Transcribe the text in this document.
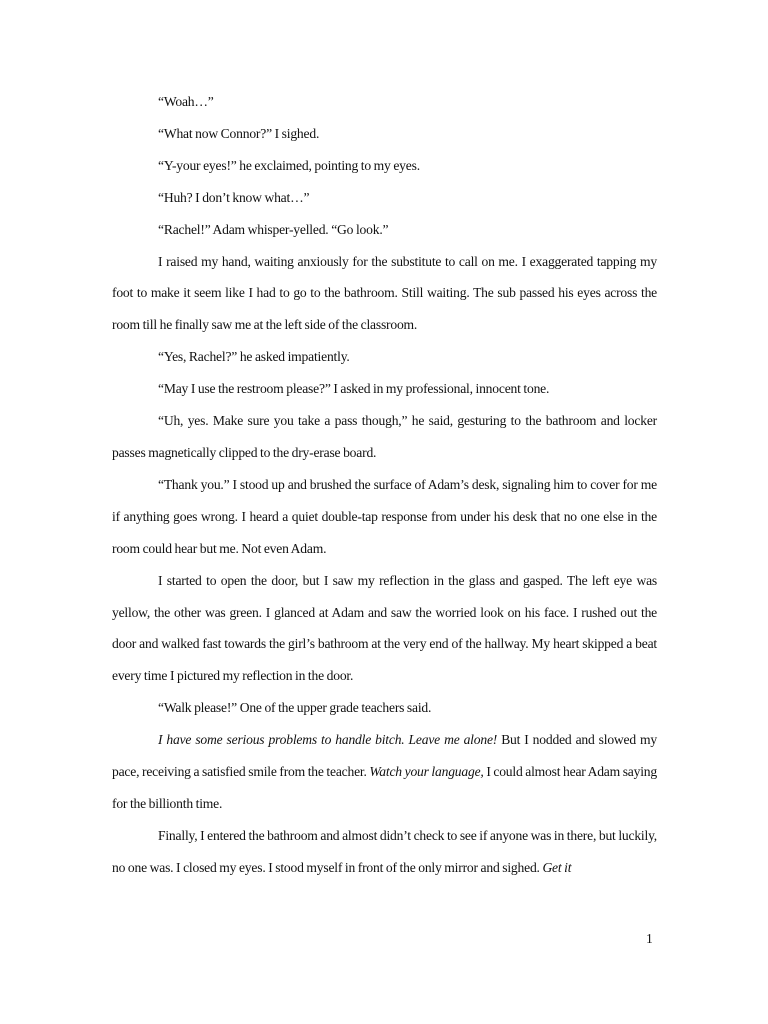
“Woah…”

“What now Connor?” I sighed.

“Y-your eyes!” he exclaimed, pointing to my eyes.

“Huh? I don’t know what…”

“Rachel!” Adam whisper-yelled. “Go look.”

I raised my hand, waiting anxiously for the substitute to call on me. I exaggerated tapping my foot to make it seem like I had to go to the bathroom. Still waiting. The sub passed his eyes across the room till he finally saw me at the left side of the classroom.

“Yes, Rachel?” he asked impatiently.

“May I use the restroom please?” I asked in my professional, innocent tone.

“Uh, yes. Make sure you take a pass though,” he said, gesturing to the bathroom and locker passes magnetically clipped to the dry-erase board.

“Thank you.” I stood up and brushed the surface of Adam’s desk, signaling him to cover for me if anything goes wrong. I heard a quiet double-tap response from under his desk that no one else in the room could hear but me. Not even Adam.

I started to open the door, but I saw my reflection in the glass and gasped. The left eye was yellow, the other was green. I glanced at Adam and saw the worried look on his face. I rushed out the door and walked fast towards the girl’s bathroom at the very end of the hallway. My heart skipped a beat every time I pictured my reflection in the door.

“Walk please!” One of the upper grade teachers said.

I have some serious problems to handle bitch. Leave me alone! But I nodded and slowed my pace, receiving a satisfied smile from the teacher. Watch your language, I could almost hear Adam saying for the billionth time.

Finally, I entered the bathroom and almost didn’t check to see if anyone was in there, but luckily, no one was. I closed my eyes. I stood myself in front of the only mirror and sighed. Get it

1
